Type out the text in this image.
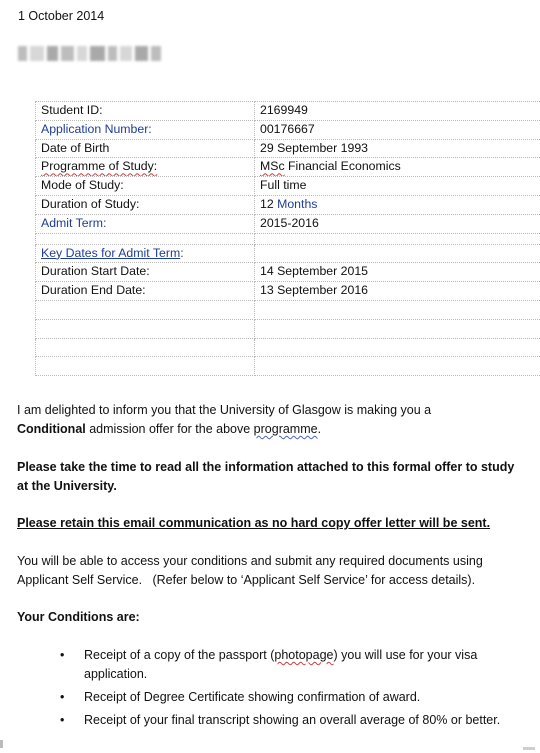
1 October 2014
Student ID:	2169949
Application Number:	00176667
Date of Birth	29 September 1993
Programme of Study:	MSc Financial Economics
Mode of Study:	Full time
Duration of Study:	12 Months
Admit Term:	2015-2016

Key Dates for Admit Term:	
Duration Start Date:	14 September 2015
Duration End Date:	13 September 2016

I am delighted to inform you that the University of Glasgow is making you a
Conditional admission offer for the above programme.
Please take the time to read all the information attached to this formal offer to study at the University.
Please retain this email communication as no hard copy offer letter will be sent.
You will be able to access your conditions and submit any required documents using
Applicant Self Service.   (Refer below to ‘Applicant Self Service’ for access details).
Your Conditions are:
• Receipt of a copy of the passport (photopage) you will use for your visa application.
• Receipt of Degree Certificate showing confirmation of award.
• Receipt of your final transcript showing an overall average of 80% or better.
